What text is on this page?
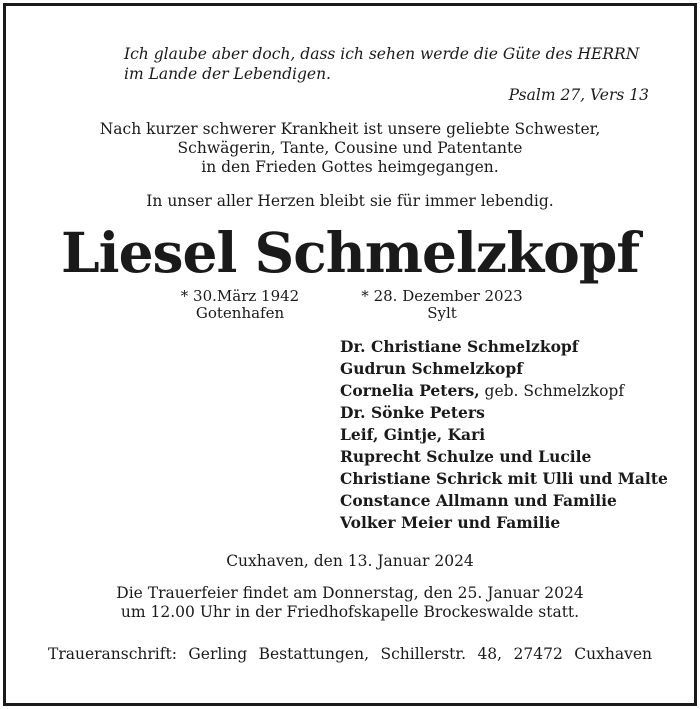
Ich glaube aber doch, dass ich sehen werde die Güte des HERRN
im Lande der Lebendigen.
Psalm 27, Vers 13
Nach kurzer schwerer Krankheit ist unsere geliebte Schwester,
Schwägerin, Tante, Cousine und Patentante
in den Frieden Gottes heimgegangen.
In unser aller Herzen bleibt sie für immer lebendig.
Liesel Schmelzkopf
* 30.März 1942
Gotenhafen
* 28. Dezember 2023
Sylt
Dr. Christiane Schmelzkopf
Gudrun Schmelzkopf
Cornelia Peters, geb. Schmelzkopf
Dr. Sönke Peters
Leif, Gintje, Kari
Ruprecht Schulze und Lucile
Christiane Schrick mit Ulli und Malte
Constance Allmann und Familie
Volker Meier und Familie
Cuxhaven, den 13. Januar 2024
Die Trauerfeier findet am Donnerstag, den 25. Januar 2024
um 12.00 Uhr in der Friedhofskapelle Brockeswalde statt.
Traueranschrift: Gerling Bestattungen, Schillerstr. 48, 27472 Cuxhaven
